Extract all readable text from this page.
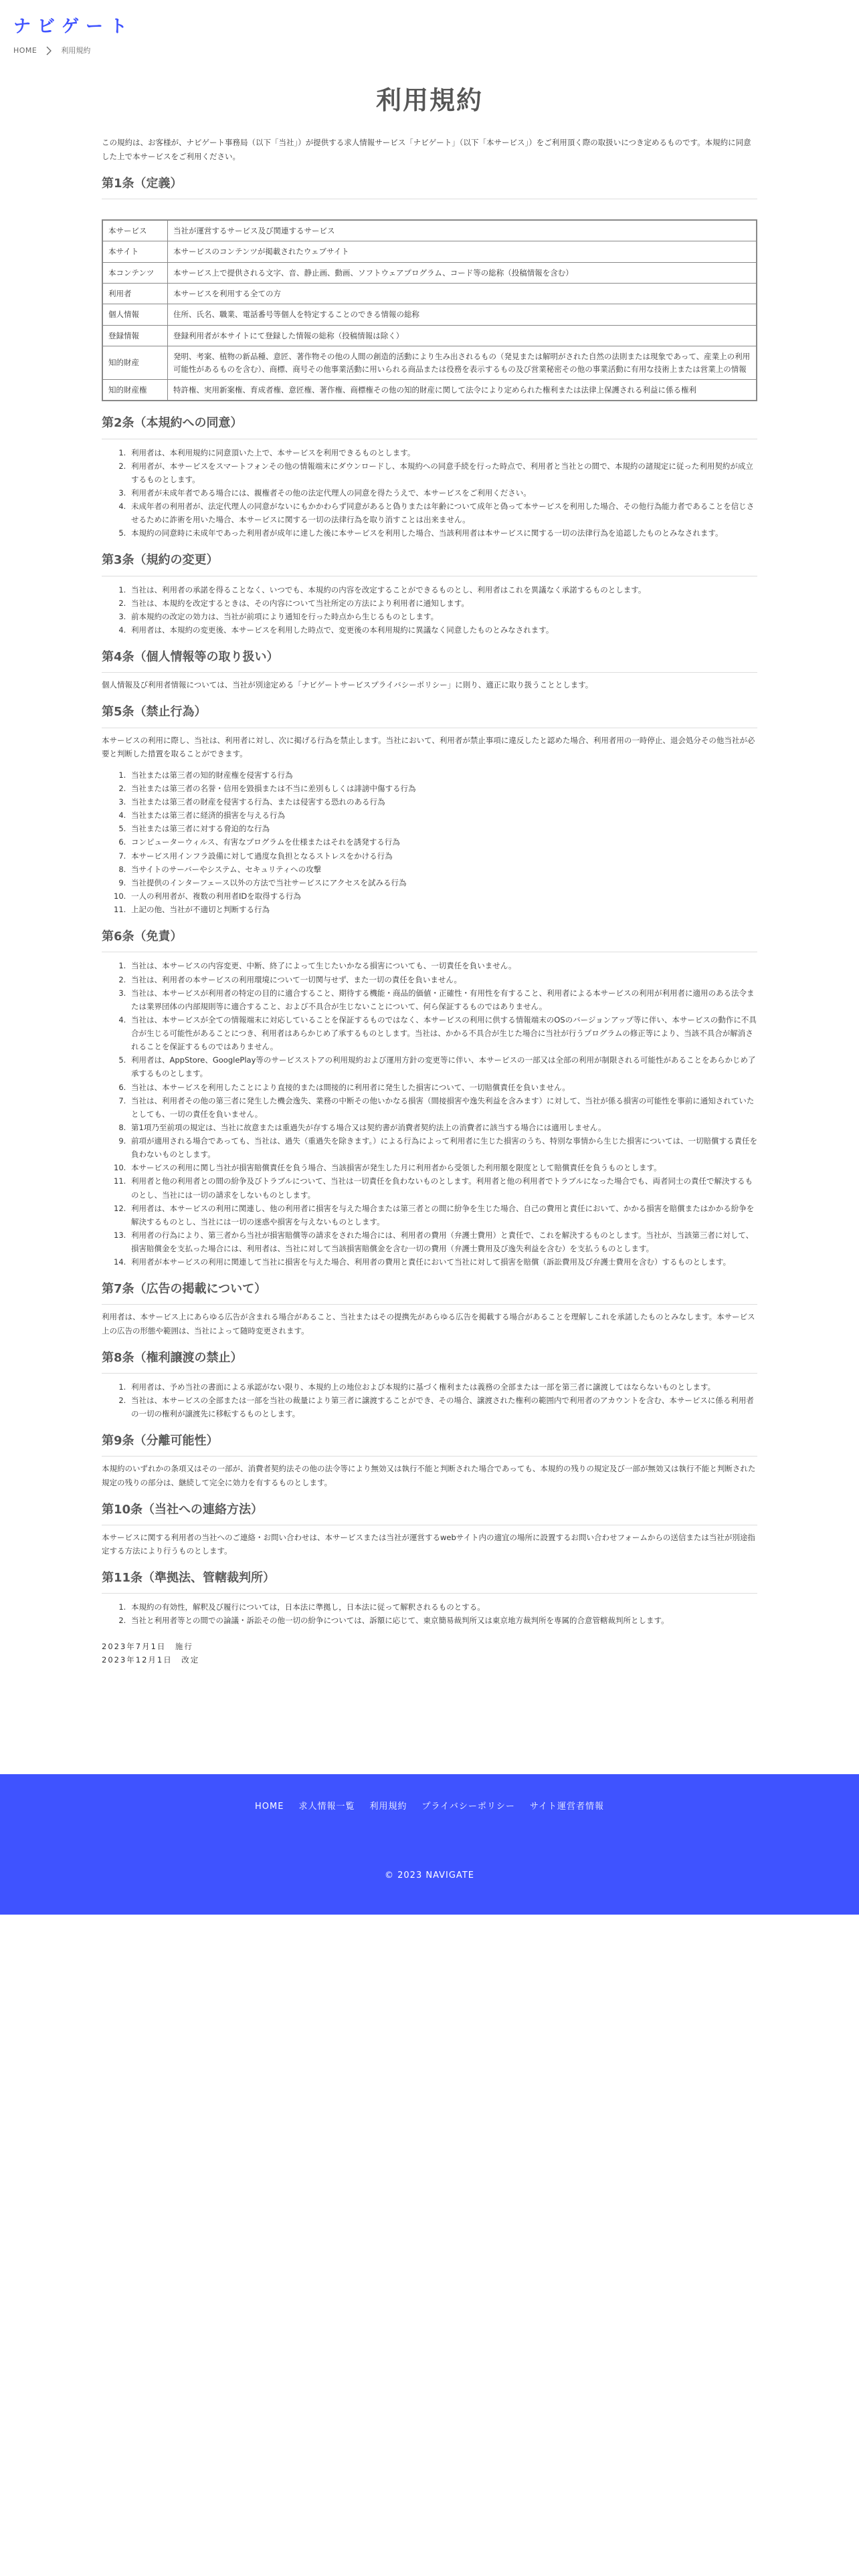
ナビゲート
HOME	利用規約
利用規約

この規約は、お客様が、ナビゲート事務局（以下「当社」）が提供する求人情報サービス「ナビゲート」（以下「本サービス」）をご利用頂く際の取扱いにつき定めるものです。本規約に同意した上で本サービスをご利用ください。

第1条（定義）
本サービス	当社が運営するサービス及び関連するサービス
本サイト	本サービスのコンテンツが掲載されたウェブサイト
本コンテンツ	本サービス上で提供される文字、音、静止画、動画、ソフトウェアプログラム、コード等の総称（投稿情報を含む）
利用者	本サービスを利用する全ての方
個人情報	住所、氏名、職業、電話番号等個人を特定することのできる情報の総称
登録情報	登録利用者が本サイトにて登録した情報の総称（投稿情報は除く）
知的財産	発明、考案、植物の新品種、意匠、著作物その他の人間の創造的活動により生み出されるもの（発見または解明がされた自然の法則または現象であって、産業上の利用可能性があるものを含む）、商標、商号その他事業活動に用いられる商品または役務を表示するもの及び営業秘密その他の事業活動に有用な技術上または営業上の情報
知的財産権	特許権、実用新案権、育成者権、意匠権、著作権、商標権その他の知的財産に関して法令により定められた権利または法律上保護される利益に係る権利
第2条（本規約への同意）
1. 利用者は、本利用規約に同意頂いた上で、本サービスを利用できるものとします。
2. 利用者が、本サービスをスマートフォンその他の情報端末にダウンロードし、本規約への同意手続を行った時点で、利用者と当社との間で、本規約の諸規定に従った利用契約が成立するものとします。
3. 利用者が未成年者である場合には、親権者その他の法定代理人の同意を得たうえで、本サービスをご利用ください。
4. 未成年者の利用者が、法定代理人の同意がないにもかかわらず同意があると偽りまたは年齢について成年と偽って本サービスを利用した場合、その他行為能力者であることを信じさせるために詐術を用いた場合、本サービスに関する一切の法律行為を取り消すことは出来ません。
5. 本規約の同意時に未成年であった利用者が成年に達した後に本サービスを利用した場合、当該利用者は本サービスに関する一切の法律行為を追認したものとみなされます。
第3条（規約の変更）
1. 当社は、利用者の承諾を得ることなく、いつでも、本規約の内容を改定することができるものとし、利用者はこれを異議なく承諾するものとします。
2. 当社は、本規約を改定するときは、その内容について当社所定の方法により利用者に通知します。
3. 前本規約の改定の効力は、当社が前項により通知を行った時点から生じるものとします。
4. 利用者は、本規約の変更後、本サービスを利用した時点で、変更後の本利用規約に異議なく同意したものとみなされます。
第4条（個人情報等の取り扱い）

個人情報及び利用者情報については、当社が別途定める「ナビゲートサービスプライバシーポリシー」に則り、適正に取り扱うこととします。

第5条（禁止行為）

本サービスの利用に際し、当社は、利用者に対し、次に掲げる行為を禁止します。当社において、利用者が禁止事項に違反したと認めた場合、利用者用の一時停止、退会処分その他当社が必要と判断した措置を取ることができます。

1. 当社または第三者の知的財産権を侵害する行為
2. 当社または第三者の名誉・信用を毀損または不当に差別もしくは誹謗中傷する行為
3. 当社または第三者の財産を侵害する行為、または侵害する恐れのある行為
4. 当社または第三者に経済的損害を与える行為
5. 当社または第三者に対する脅迫的な行為
6. コンピューターウィルス、有害なプログラムを仕様またはそれを誘発する行為
7. 本サービス用インフラ設備に対して過度な負担となるストレスをかける行為
8. 当サイトのサーバーやシステム、セキュリティへの攻撃
9. 当社提供のインターフェース以外の方法で当社サービスにアクセスを試みる行為
10. 一人の利用者が、複数の利用者IDを取得する行為
11. 上記の他、当社が不適切と判断する行為
第6条（免責）
1. 当社は、本サービスの内容変更、中断、終了によって生じたいかなる損害についても、一切責任を負いません。
2. 当社は、利用者の本サービスの利用環境について一切関与せず、また一切の責任を負いません。
3. 当社は、本サービスが利用者の特定の目的に適合すること、期待する機能・商品的価値・正確性・有用性を有すること、利用者による本サービスの利用が利用者に適用のある法令または業界団体の内部規則等に適合すること、および不具合が生じないことについて、何ら保証するものではありません。
4. 当社は、本サービスが全ての情報端末に対応していることを保証するものではなく、本サービスの利用に供する情報端末のOSのバージョンアップ等に伴い、本サービスの動作に不具合が生じる可能性があることにつき、利用者はあらかじめ了承するものとします。当社は、かかる不具合が生じた場合に当社が行うプログラムの修正等により、当該不具合が解消されることを保証するものではありません。
5. 利用者は、AppStore、GooglePlay等のサービスストアの利用規約および運用方針の変更等に伴い、本サービスの一部又は全部の利用が制限される可能性があることをあらかじめ了承するものとします。
6. 当社は、本サービスを利用したことにより直接的または間接的に利用者に発生した損害について、一切賠償責任を負いません。
7. 当社は、利用者その他の第三者に発生した機会逸失、業務の中断その他いかなる損害（間接損害や逸失利益を含みます）に対して、当社が係る損害の可能性を事前に通知されていたとしても、一切の責任を負いません。
8. 第1項乃至前項の規定は、当社に故意または重過失が存する場合又は契約書が消費者契約法上の消費者に該当する場合には適用しません。
9. 前項が適用される場合であっても、当社は、過失（重過失を除きます。）による行為によって利用者に生じた損害のうち、特別な事情から生じた損害については、一切賠償する責任を負わないものとします。
10. 本サービスの利用に関し当社が損害賠償責任を負う場合、当該損害が発生した月に利用者から受領した利用額を限度として賠償責任を負うものとします。
11. 利用者と他の利用者との間の紛争及びトラブルについて、当社は一切責任を負わないものとします。利用者と他の利用者でトラブルになった場合でも、両者同士の責任で解決するものとし、当社には一切の請求をしないものとします。
12. 利用者は、本サービスの利用に関連し、他の利用者に損害を与えた場合または第三者との間に紛争を生じた場合、自己の費用と責任において、かかる損害を賠償またはかかる紛争を解決するものとし、当社には一切の迷惑や損害を与えないものとします。
13. 利用者の行為により、第三者から当社が損害賠償等の請求をされた場合には、利用者の費用（弁護士費用）と責任で、これを解決するものとします。当社が、当該第三者に対して、損害賠償金を支払った場合には、利用者は、当社に対して当該損害賠償金を含む一切の費用（弁護士費用及び逸失利益を含む）を支払うものとします。
14. 利用者が本サービスの利用に関連して当社に損害を与えた場合、利用者の費用と責任において当社に対して損害を賠償（訴訟費用及び弁護士費用を含む）するものとします。
第7条（広告の掲載について）

利用者は、本サービス上にあらゆる広告が含まれる場合があること、当社またはその提携先があらゆる広告を掲載する場合があることを理解しこれを承諾したものとみなします。本サービス上の広告の形態や範囲は、当社によって随時変更されます。

第8条（権利譲渡の禁止）
1. 利用者は、予め当社の書面による承認がない限り、本規約上の地位および本規約に基づく権利または義務の全部または一部を第三者に譲渡してはならないものとします。
2. 当社は、本サービスの全部または一部を当社の裁量により第三者に譲渡することができ、その場合、譲渡された権利の範囲内で利用者のアカウントを含む、本サービスに係る利用者の一切の権利が譲渡先に移転するものとします。
第9条（分離可能性）

本規約のいずれかの条項又はその一部が、消費者契約法その他の法令等により無効又は執行不能と判断された場合であっても、本規約の残りの規定及び一部が無効又は執行不能と判断された規定の残りの部分は、継続して完全に効力を有するものとします。

第10条（当社への連絡方法）

本サービスに関する利用者の当社へのご連絡・お問い合わせは、本サービスまたは当社が運営するwebサイト内の適宜の場所に設置するお問い合わせフォームからの送信または当社が別途指定する方法により行うものとします。

第11条（準拠法、管轄裁判所）
1. 本規約の有効性，解釈及び履行については，日本法に準拠し，日本法に従って解釈されるものとする。
2. 当社と利用者等との間での論議・訴訟その他一切の紛争については、訴額に応じて、東京簡易裁判所又は東京地方裁判所を専属的合意管轄裁判所とします。
2023年7月1日　施行
2023年12月1日　改定
HOME 求人情報一覧 利用規約 プライバシーポリシー サイト運営者情報
© 2023 NAVIGATE
